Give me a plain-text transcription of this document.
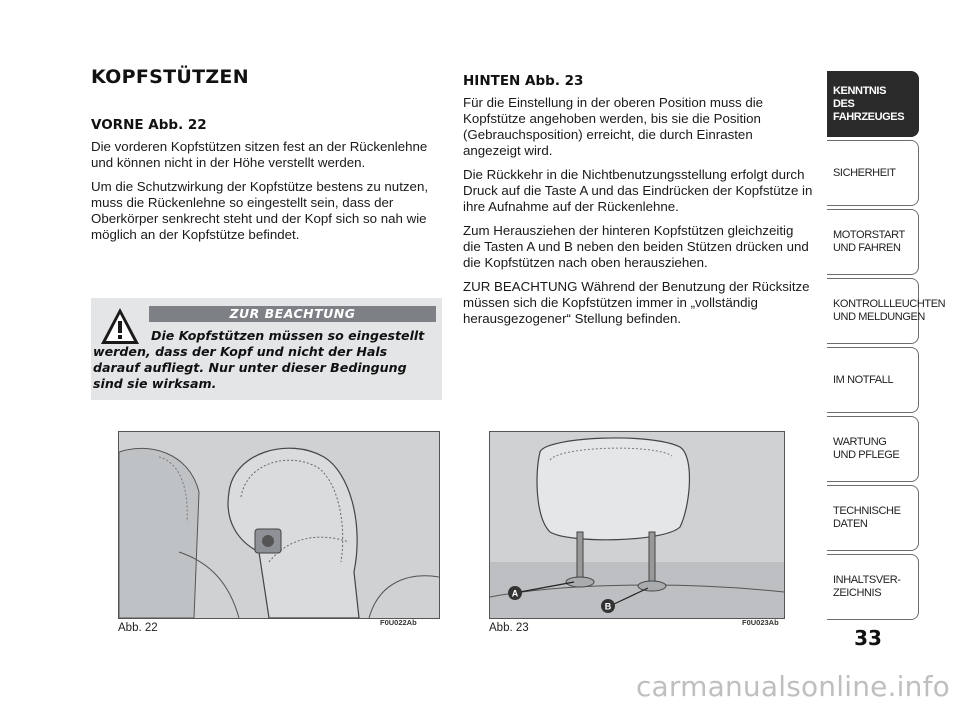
KOPFSTÜTZEN
VORNE Abb. 22

Die vorderen Kopfstützen sitzen fest an der Rückenlehne und können nicht in der Höhe verstellt werden.

Um die Schutzwirkung der Kopfstütze bestens zu nutzen, muss die Rückenlehne so eingestellt sein, dass der Oberkörper senkrecht steht und der Kopf sich so nah wie möglich an der Kopfstütze befindet.

ZUR BEACHTUNG
Die Kopfstützen müssen so eingestellt werden, dass der Kopf und nicht der Hals darauf aufliegt. Nur unter dieser Bedingung sind sie wirksam.
HINTEN Abb. 23

Für die Einstellung in der oberen Position muss die Kopfstütze angehoben werden, bis sie die Position (Gebrauchsposition) erreicht, die durch Einrasten angezeigt wird.

Die Rückkehr in die Nichtbenutzungsstellung erfolgt durch Druck auf die Taste A und das Eindrücken der Kopfstütze in ihre Aufnahme auf der Rückenlehne.

Zum Herausziehen der hinteren Kopfstützen gleichzeitig die Tasten A und B neben den beiden Stützen drücken und die Kopfstützen nach oben herausziehen.

ZUR BEACHTUNG Während der Benutzung der Rücksitze müssen sich die Kopfstützen immer in „vollständig herausgezogener“ Stellung befinden.

Abb. 22	F0U022Ab
A
B
Abb. 23	F0U023Ab
KENNTNIS
DES FAHRZEUGES
SICHERHEIT
MOTORSTART
UND FAHREN
KONTROLLLEUCHTEN
UND MELDUNGEN
IM NOTFALL
WARTUNG
UND PFLEGE
TECHNISCHE
DATEN
INHALTSVER-
ZEICHNIS
33
carmanualsonline.info
